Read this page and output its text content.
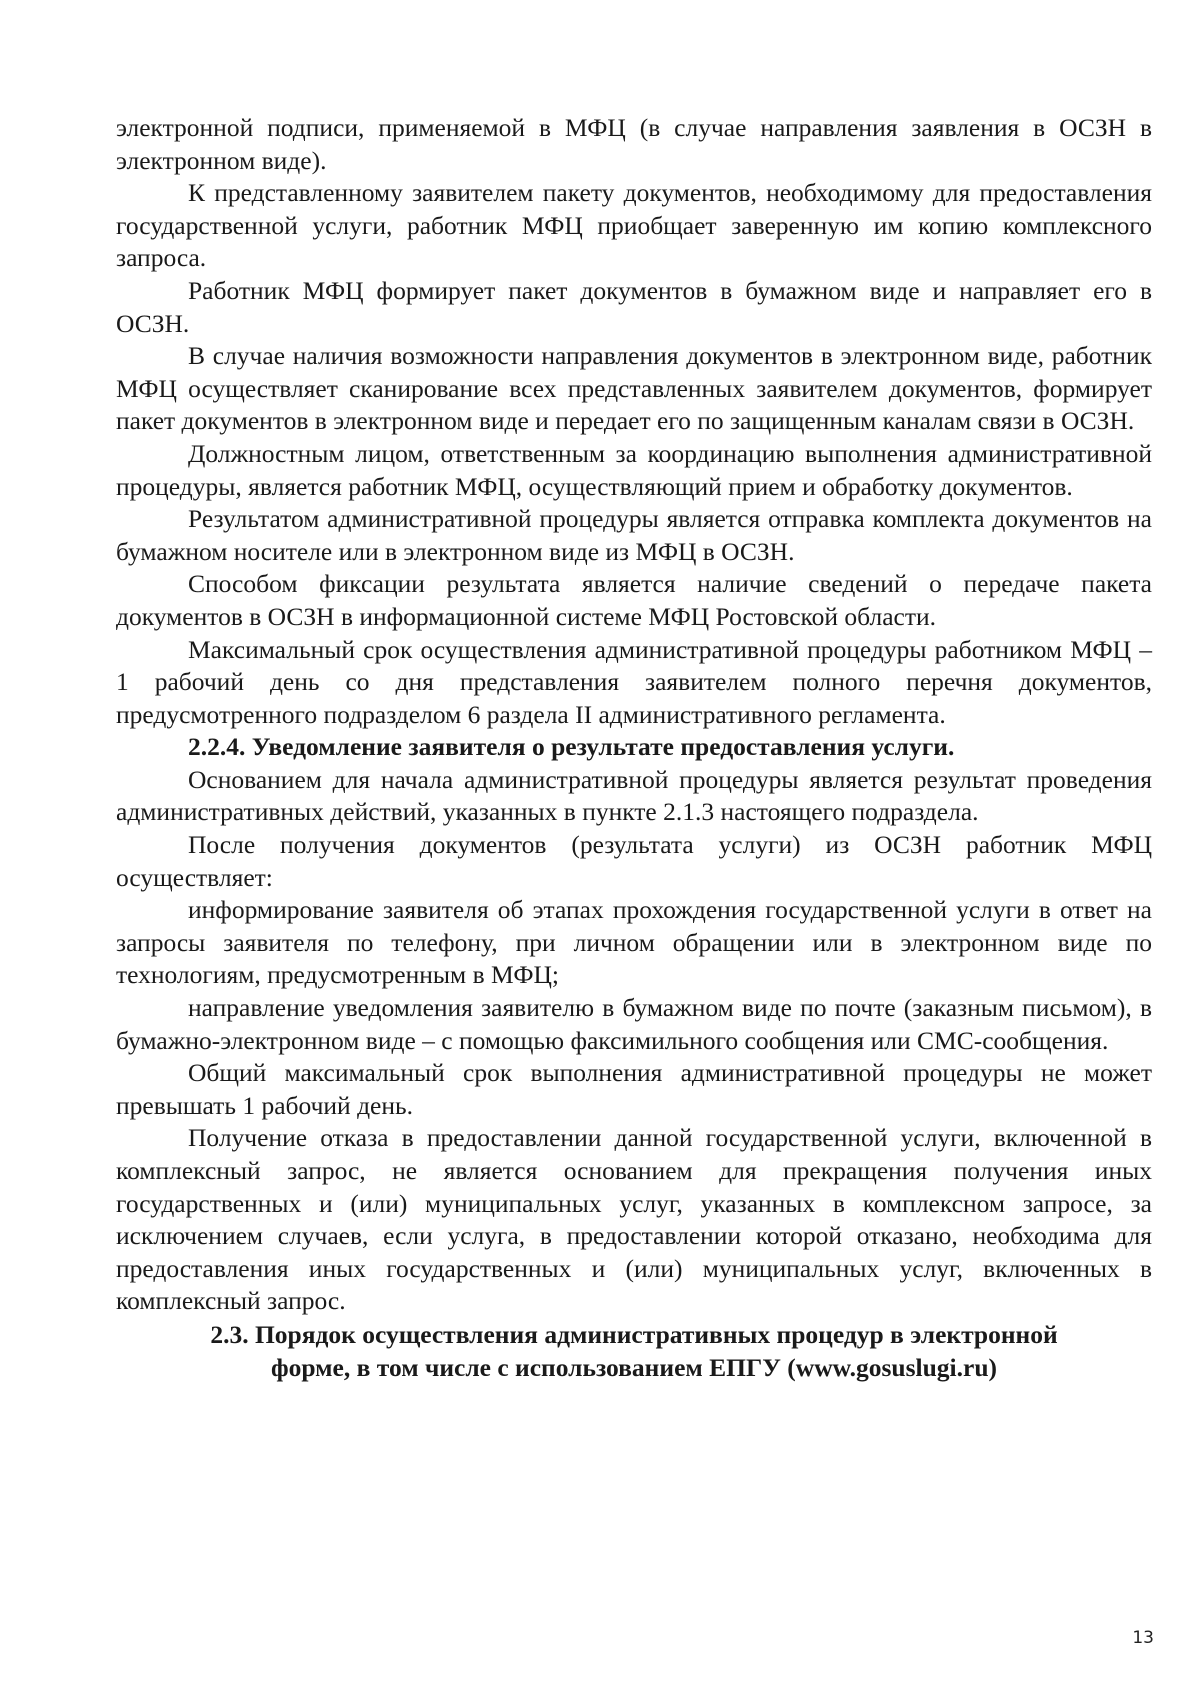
электронной подписи, применяемой в МФЦ (в случае направления заявления в ОСЗН в электронном виде).

К представленному заявителем пакету документов, необходимому для предоставления государственной услуги, работник МФЦ приобщает заверенную им копию комплексного запроса.

Работник МФЦ формирует пакет документов в бумажном виде и направляет его в ОСЗН.

В случае наличия возможности направления документов в электронном виде, работник МФЦ осуществляет сканирование всех представленных заявителем документов, формирует пакет документов в электронном виде и передает его по защищенным каналам связи в ОСЗН.

Должностным лицом, ответственным за координацию выполнения административной процедуры, является работник МФЦ, осуществляющий прием и обработку документов.

Результатом административной процедуры является отправка комплекта документов на бумажном носителе или в электронном виде из МФЦ в ОСЗН.

Способом фиксации результата является наличие сведений о передаче пакета документов в ОСЗН в информационной системе МФЦ Ростовской области.

Максимальный срок осуществления административной процедуры работником МФЦ – 1 рабочий день со дня представления заявителем полного перечня документов, предусмотренного подразделом 6 раздела II административного регламента.

2.2.4. Уведомление заявителя о результате предоставления услуги.

Основанием для начала административной процедуры является результат проведения административных действий, указанных в пункте 2.1.3 настоящего подраздела.

После получения документов (результата услуги) из ОСЗН работник МФЦ осуществляет:

информирование заявителя об этапах прохождения государственной услуги в ответ на запросы заявителя по телефону, при личном обращении или в электронном виде по технологиям, предусмотренным в МФЦ;

направление уведомления заявителю в бумажном виде по почте (заказным письмом), в бумажно-электронном виде – с помощью факсимильного сообщения или СМС-сообщения.

Общий максимальный срок выполнения административной процедуры не может превышать 1 рабочий день.

Получение отказа в предоставлении данной государственной услуги, включенной в комплексный запрос, не является основанием для прекращения получения иных государственных и (или) муниципальных услуг, указанных в комплексном запросе, за исключением случаев, если услуга, в предоставлении которой отказано, необходима для предоставления иных государственных и (или) муниципальных услуг, включенных в комплексный запрос.

2.3. Порядок осуществления административных процедур в электронной
форме, в том числе с использованием ЕПГУ (www.gosuslugi.ru)
13
